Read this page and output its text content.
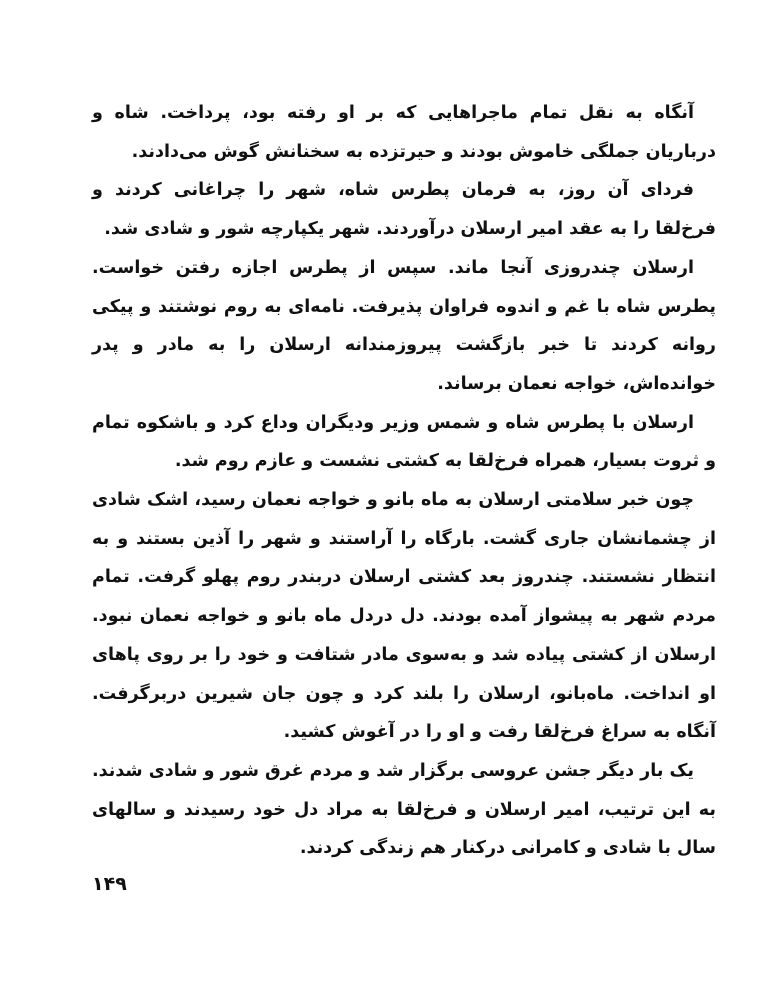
آنگاه به نقل تمام ماجراهایی که بر او رفته بود، پرداخت. شاه و درباریان جملگی خاموش بودند و حیرتزده به سخنانش گوش می‌دادند.

فردای آن روز، به فرمان پطرس شاه، شهر را چراغانی کردند و فرخ‌لقا را به عقد امیر ارسلان درآوردند. شهر یکپارچه شور و شادی شد.

ارسلان چندروزی آنجا ماند. سپس از پطرس اجازه رفتن خواست. پطرس شاه با غم و اندوه فراوان پذیرفت. نامه‌ای به روم نوشتند و پیکی روانه کردند تا خبر بازگشت پیروزمندانه ارسلان را به مادر و پدر خوانده‌اش، خواجه نعمان برساند.

ارسلان با پطرس شاه و شمس وزیر ودیگران وداع کرد و باشکوه تمام و ثروت بسیار، همراه فرخ‌لقا به کشتی نشست و عازم روم شد.

چون خبر سلامتی ارسلان به ماه بانو و خواجه نعمان رسید، اشک شادی از چشمانشان جاری گشت. بارگاه را آراستند و شهر را آذین بستند و به انتظار نشستند. چندروز بعد کشتی ارسلان دربندر روم پهلو گرفت. تمام مردم شهر به پیشواز آمده بودند. دل دردل ماه بانو و خواجه نعمان نبود. ارسلان از کشتی پیاده شد و به‌سوی مادر شتافت و خود را بر روی پاهای او انداخت. ماه‌بانو، ارسلان را بلند کرد و چون جان شیرین دربرگرفت. آنگاه به سراغ فرخ‌لقا رفت و او را در آغوش کشید.

یک بار دیگر جشن عروسی برگزار شد و مردم غرق شور و شادی شدند. به این ترتیب، امیر ارسلان و فرخ‌لقا به مراد دل خود رسیدند و سالهای سال با شادی و کامرانی درکنار هم زندگی کردند.

۱۴۹
